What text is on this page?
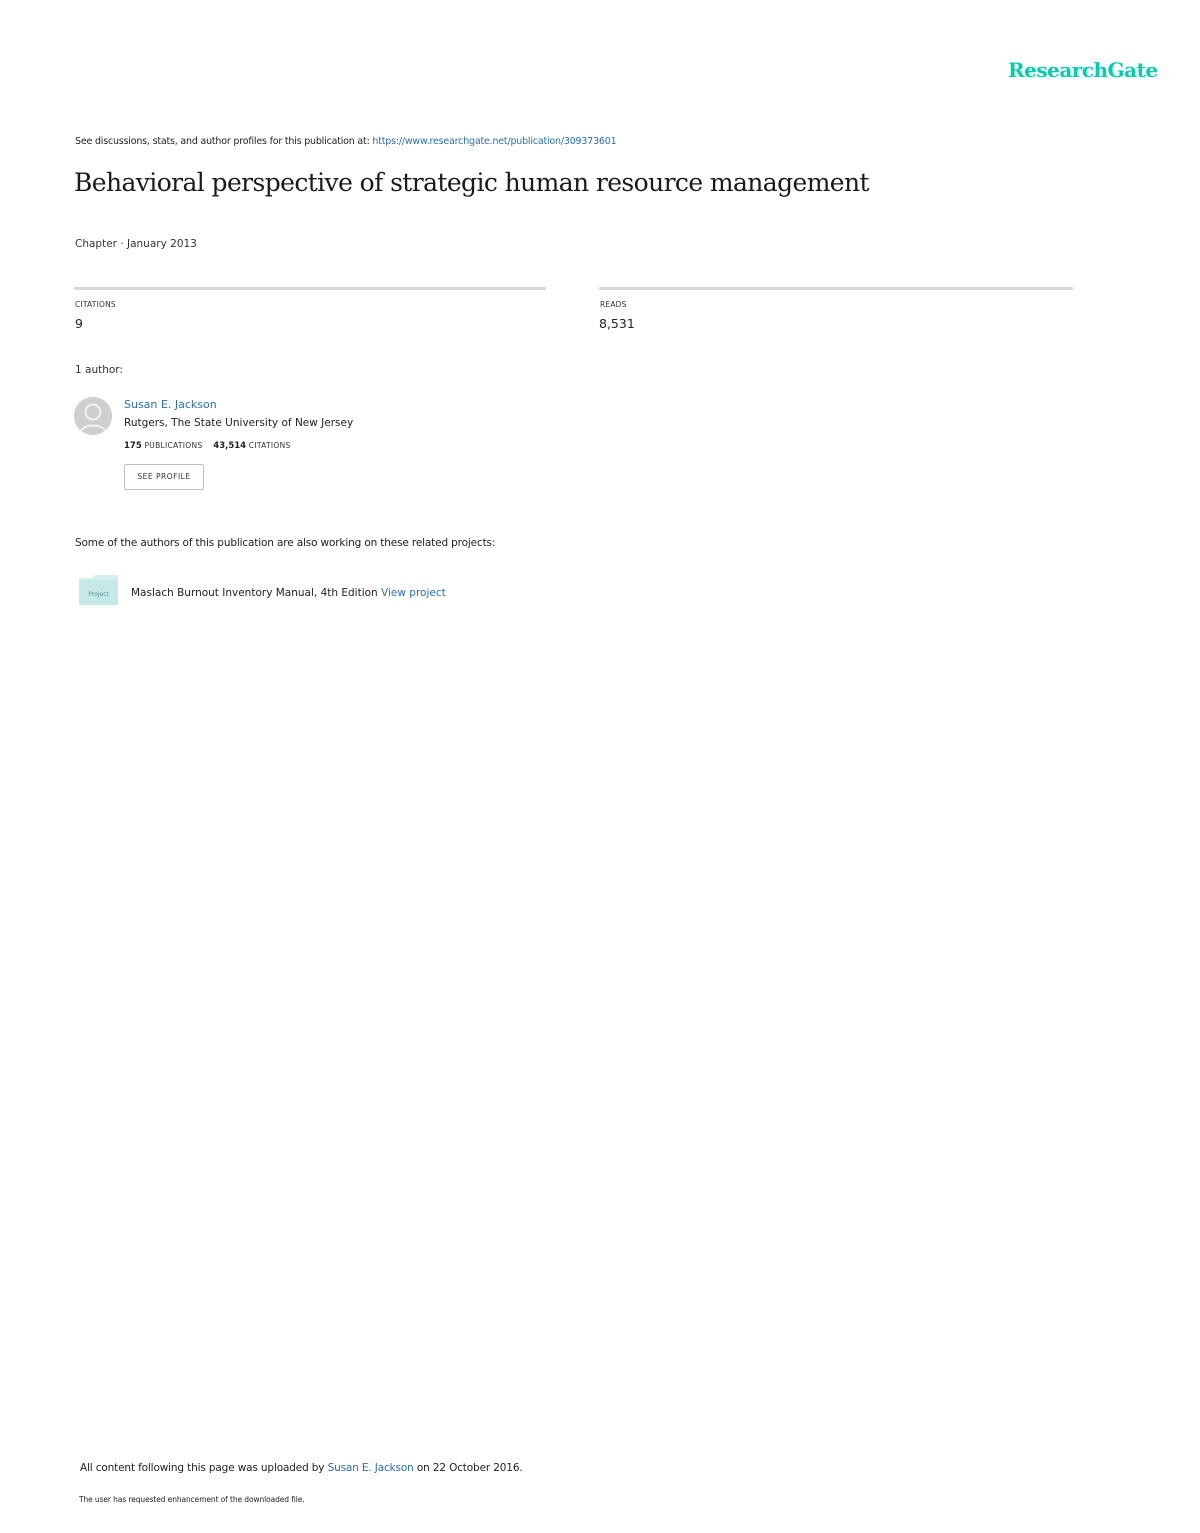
ResearchGate
See discussions, stats, and author profiles for this publication at: https://www.researchgate.net/publication/309373601
Behavioral perspective of strategic human resource management
Chapter · January 2013
CITATIONS
9
READS
8,531
1 author:
Susan E. Jackson
Rutgers, The State University of New Jersey
175 PUBLICATIONS 43,514 CITATIONS
SEE PROFILE
Some of the authors of this publication are also working on these related projects:
Project Maslach Burnout Inventory Manual, 4th Edition View project
All content following this page was uploaded by Susan E. Jackson on 22 October 2016.
The user has requested enhancement of the downloaded file.
